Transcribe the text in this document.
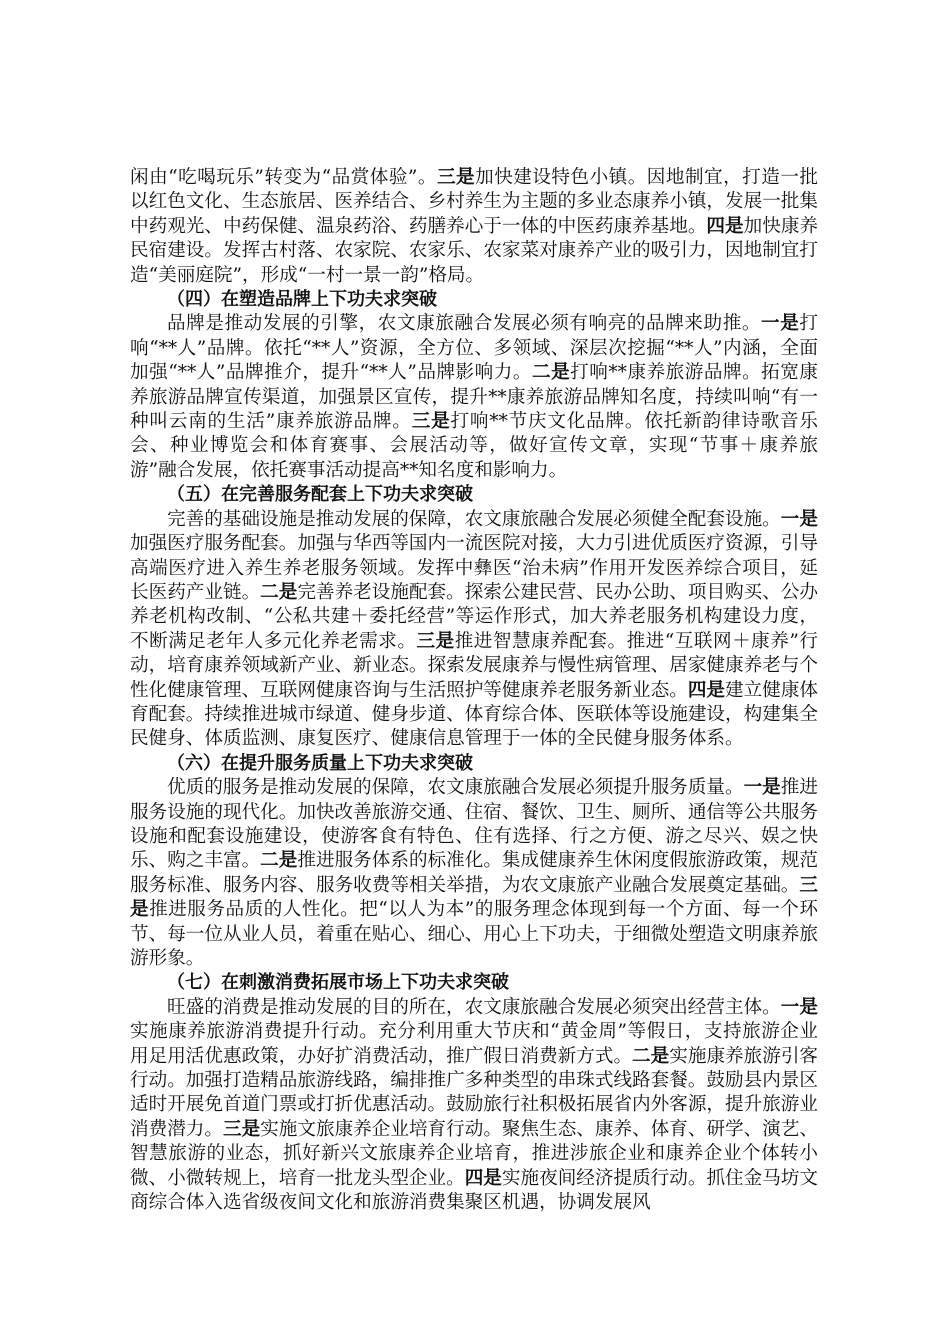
闲由“吃喝玩乐”转变为“品赏体验”。三是加快建设特色小镇。因地制宜，打造一批以红色文化、生态旅居、医养结合、乡村养生为主题的多业态康养小镇，发展一批集中药观光、中药保健、温泉药浴、药膳养心于一体的中医药康养基地。四是加快康养民宿建设。发挥古村落、农家院、农家乐、农家菜对康养产业的吸引力，因地制宜打造“美丽庭院”，形成“一村一景一韵”格局。

（四）在塑造品牌上下功夫求突破

品牌是推动发展的引擎，农文康旅融合发展必须有响亮的品牌来助推。一是打响“**人”品牌。依托“**人”资源，全方位、多领域、深层次挖掘“**人”内涵，全面加强“**人”品牌推介，提升“**人”品牌影响力。二是打响**康养旅游品牌。拓宽康养旅游品牌宣传渠道，加强景区宣传，提升**康养旅游品牌知名度，持续叫响“有一种叫云南的生活”康养旅游品牌。三是打响**节庆文化品牌。依托新韵律诗歌音乐会、种业博览会和体育赛事、会展活动等，做好宣传文章，实现“节事＋康养旅游”融合发展，依托赛事活动提高**知名度和影响力。

（五）在完善服务配套上下功夫求突破

完善的基础设施是推动发展的保障，农文康旅融合发展必须健全配套设施。一是加强医疗服务配套。加强与华西等国内一流医院对接，大力引进优质医疗资源，引导高端医疗进入养生养老服务领域。发挥中彝医“治未病”作用开发医养综合项目，延长医药产业链。二是完善养老设施配套。探索公建民营、民办公助、项目购买、公办养老机构改制、“公私共建＋委托经营”等运作形式，加大养老服务机构建设力度，不断满足老年人多元化养老需求。三是推进智慧康养配套。推进“互联网＋康养”行动，培育康养领域新产业、新业态。探索发展康养与慢性病管理、居家健康养老与个性化健康管理、互联网健康咨询与生活照护等健康养老服务新业态。四是建立健康体育配套。持续推进城市绿道、健身步道、体育综合体、医联体等设施建设，构建集全民健身、体质监测、康复医疗、健康信息管理于一体的全民健身服务体系。

（六）在提升服务质量上下功夫求突破

优质的服务是推动发展的保障，农文康旅融合发展必须提升服务质量。一是推进服务设施的现代化。加快改善旅游交通、住宿、餐饮、卫生、厕所、通信等公共服务设施和配套设施建设，使游客食有特色、住有选择、行之方便、游之尽兴、娱之快乐、购之丰富。二是推进服务体系的标准化。集成健康养生休闲度假旅游政策，规范服务标准、服务内容、服务收费等相关举措，为农文康旅产业融合发展奠定基础。三是推进服务品质的人性化。把“以人为本”的服务理念体现到每一个方面、每一个环节、每一位从业人员，着重在贴心、细心、用心上下功夫，于细微处塑造文明康养旅游形象。

（七）在刺激消费拓展市场上下功夫求突破

旺盛的消费是推动发展的目的所在，农文康旅融合发展必须突出经营主体。一是实施康养旅游消费提升行动。充分利用重大节庆和“黄金周”等假日，支持旅游企业用足用活优惠政策，办好扩消费活动，推广假日消费新方式。二是实施康养旅游引客行动。加强打造精品旅游线路，编排推广多种类型的串珠式线路套餐。鼓励县内景区适时开展免首道门票或打折优惠活动。鼓励旅行社积极拓展省内外客源，提升旅游业消费潜力。三是实施文旅康养企业培育行动。聚焦生态、康养、体育、研学、演艺、智慧旅游的业态，抓好新兴文旅康养企业培育，推进涉旅企业和康养企业个体转小微、小微转规上，培育一批龙头型企业。四是实施夜间经济提质行动。抓住金马坊文商综合体入选省级夜间文化和旅游消费集聚区机遇，协调发展风
